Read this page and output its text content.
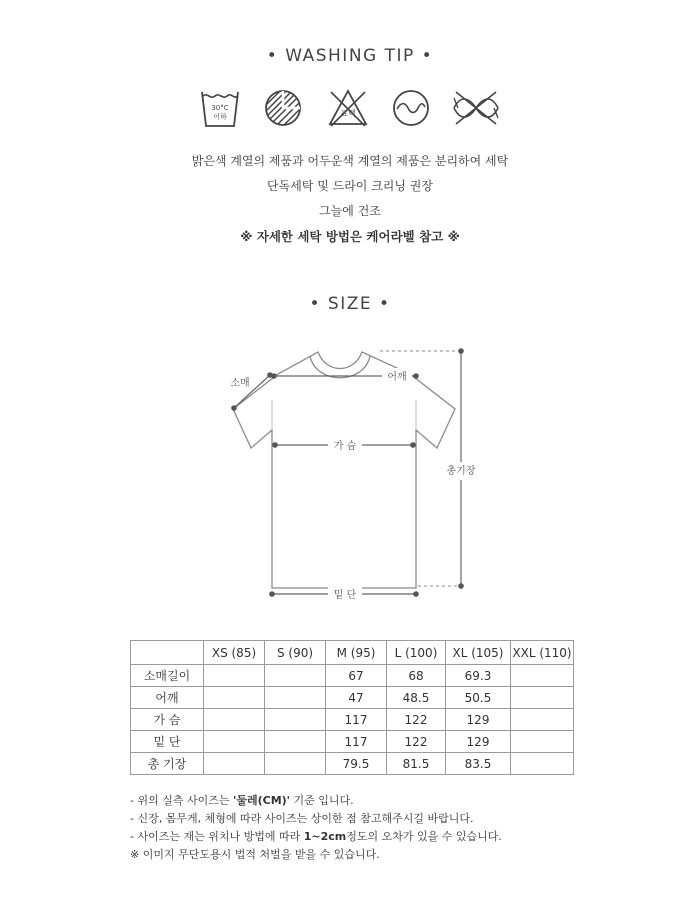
• WASHING TIP •
30°C
이하	표백
밝은색 계열의 제품과 어두운색 계열의 제품은 분리하여 세탁
단독세탁 및 드라이 크리닝 권장
그늘에 건조
※ 자세한 세탁 방법은 케어라벨 참고 ※
• SIZE •
소매
어깨
가 슴
총기장
밑 단
	XS (85)	S (90)	M (95)	L (100)	XL (105)	XXL (110)
소매길이			67	68	69.3	
어깨			47	48.5	50.5	
가 슴			117	122	129	
밑 단			117	122	129	
총 기장			79.5	81.5	83.5	
- 위의 실측 사이즈는 '둘레(CM)' 기준 입니다.
- 신장, 몸무게, 체형에 따라 사이즈는 상이한 점 참고해주시길 바랍니다.
- 사이즈는 재는 위치나 방법에 따라 1~2cm정도의 오차가 있을 수 있습니다.
※ 이미지 무단도용시 법적 처벌을 받을 수 있습니다.
